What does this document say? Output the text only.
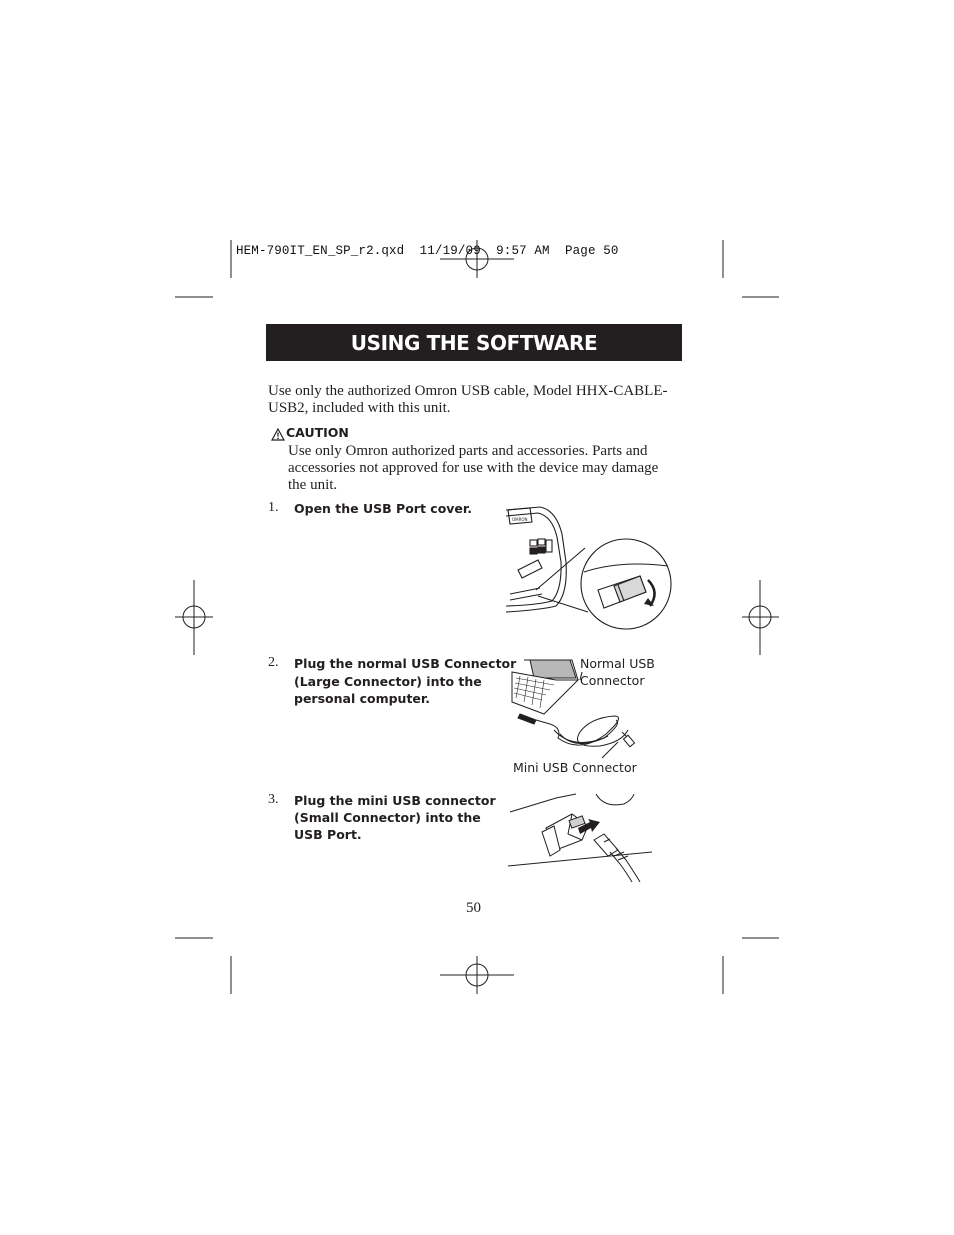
HEM-790IT_EN_SP_r2.qxd  11/19/09  9:57 AM  Page 50
USING THE SOFTWARE
Use only the authorized Omron USB cable, Model HHX-CABLE-
USB2, included with this unit.
CAUTION
Use only Omron authorized parts and accessories. Parts and
accessories not approved for use with the device may damage
the unit.
1. Open the USB Port cover.
OMRON
2. Plug the normal USB Connector
(Large Connector) into the
personal computer.
Normal USB
Connector
Mini USB Connector
3. Plug the mini USB connector
(Small Connector) into the
USB Port.
50
